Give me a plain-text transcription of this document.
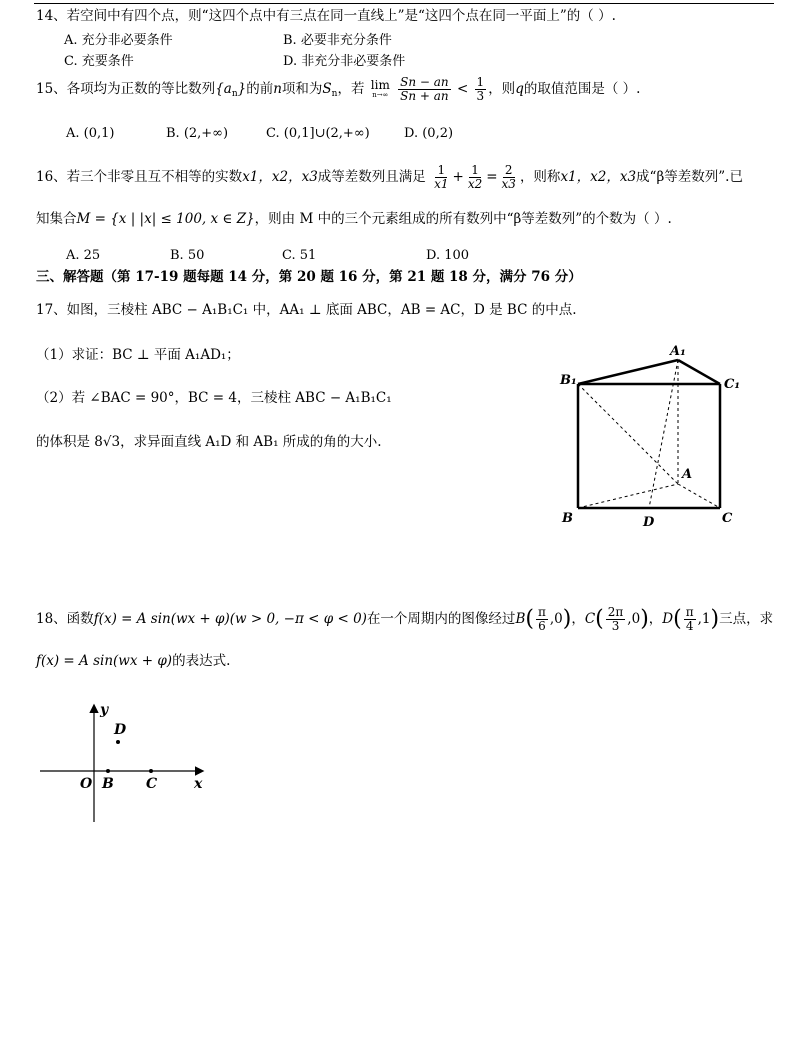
14、若空间中有四个点，则“这四个点中有三点在同一直线上”是“这四个点在同一平面上”的（ ）.
A. 充分非必要条件	B. 必要非充分条件
C. 充要条件	D. 非充分非必要条件
15、各项均为正数的等比数列$\{a_n\}$的前n项和为$S_n$，若 lim
n→∞
$\frac{Sn - an}{Sn + an} < \frac{1}{3}$ ，则q的取值范围是（ ）.
A. (0,1)	B. (2,+∞)	C. (0,1]∪(2,+∞)	D. (0,2)
16、若三个非零且互不相等的实数x1，x2，x3成等差数列且满足 $\frac{1}{x1} + \frac{1}{x2} = \frac{2}{x3}$ ，则称x1，x2，x3成“β等差数列”.已
知集合M = {x | |x| ≤ 100, x ∈ Z}，则由 M 中的三个元素组成的所有数列中“β等差数列”的个数为（ ）.
A. 25	B. 50	C. 51	D. 100
三、解答题（第 17-19 题每题 14 分，第 20 题 16 分，第 21 题 18 分，满分 76 分）
17、如图，三棱柱 ABC − A₁B₁C₁ 中，AA₁ ⊥ 底面 ABC，AB = AC，D 是 BC 的中点.
（1）求证：BC ⊥ 平面 A₁AD₁；
（2）若 ∠BAC = 90°，BC = 4，三棱柱 ABC − A₁B₁C₁
的体积是 8√3，求异面直线 A₁D 和 AB₁ 所成的角的大小.
A₁
B₁	C₁
A
B	C
D
18、函数f(x) = A sin(wx + φ)(w > 0, −π < φ < 0)在一个周期内的图像经过$B( \frac{\pi}{6} ,0)$，$C( \frac{2\pi}{3} ,0)$，$D( \frac{\pi}{4} ,1)$三点，求
f(x) = A sin(wx + φ)的表达式.
y
x
O B C
D
